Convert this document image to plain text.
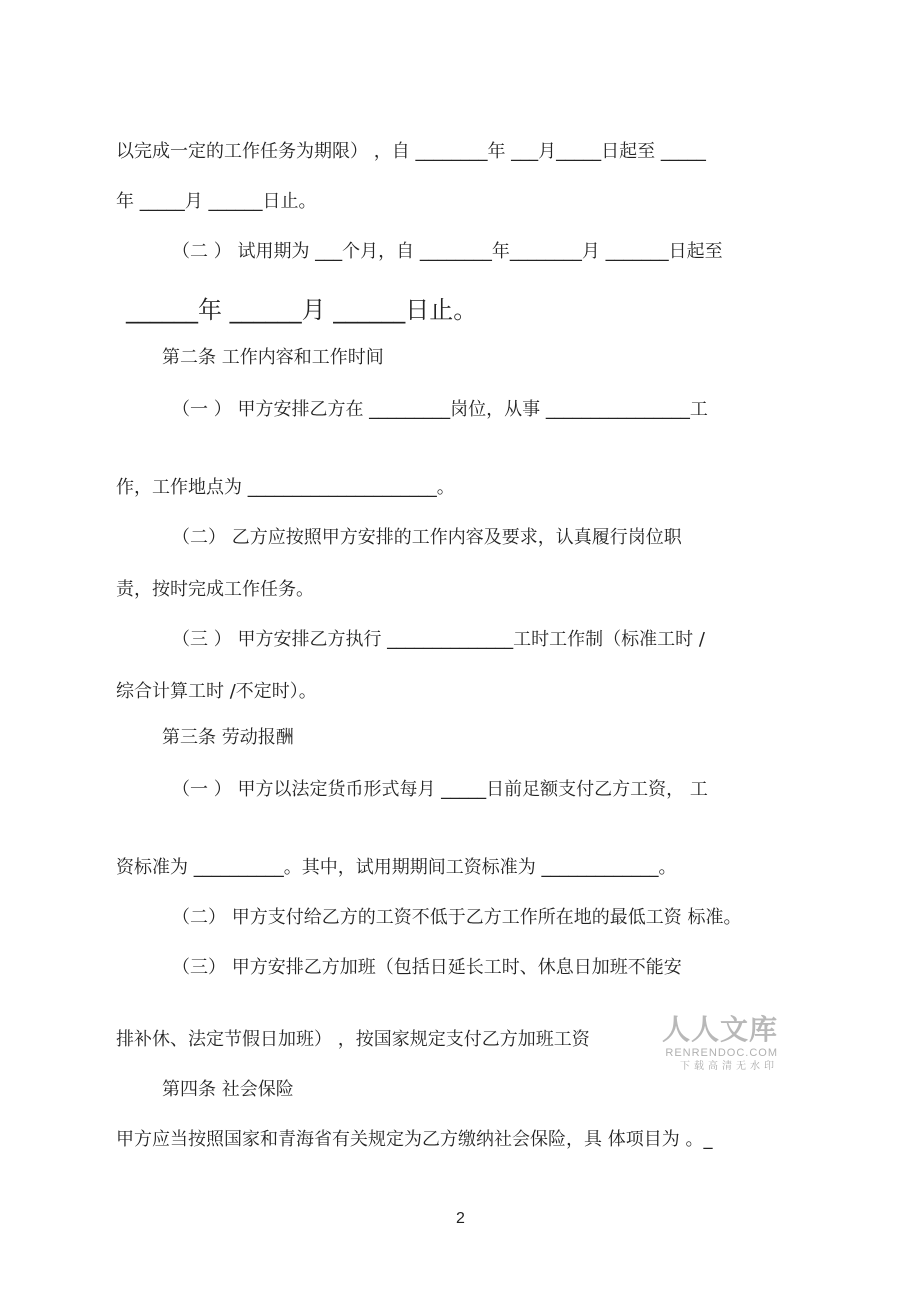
以完成一定的工作任务为期限） ，自 ________年 ___月_____日起至 _____
年 _____月 ______日止。
（二 ） 试用期为 ___个月，自 ________年________月 _______日起至
______年 ______月 ______日止。
第二条 工作内容和工作时间
（一 ） 甲方安排乙方在 _________岗位，从事 ________________工
作，工作地点为 _____________________。
（二） 乙方应按照甲方安排的工作内容及要求，认真履行岗位职
责，按时完成工作任务。
（三 ） 甲方安排乙方执行 ______________工时工作制（标准工时 /
综合计算工时 /不定时）。
第三条 劳动报酬
（一 ） 甲方以法定货币形式每月 _____日前足额支付乙方工资， 工
资标准为 __________。其中，试用期期间工资标准为 _____________。
（二） 甲方支付给乙方的工资不低于乙方工作所在地的最低工资 标准。
（三） 甲方安排乙方加班（包括日延长工时、休息日加班不能安
排补休、法定节假日加班） ，按国家规定支付乙方加班工资
第四条 社会保险
甲方应当按照国家和青海省有关规定为乙方缴纳社会保险，具 体项目为 。_
人人文库
RENRENDOC.COM
下载高清无水印
2
